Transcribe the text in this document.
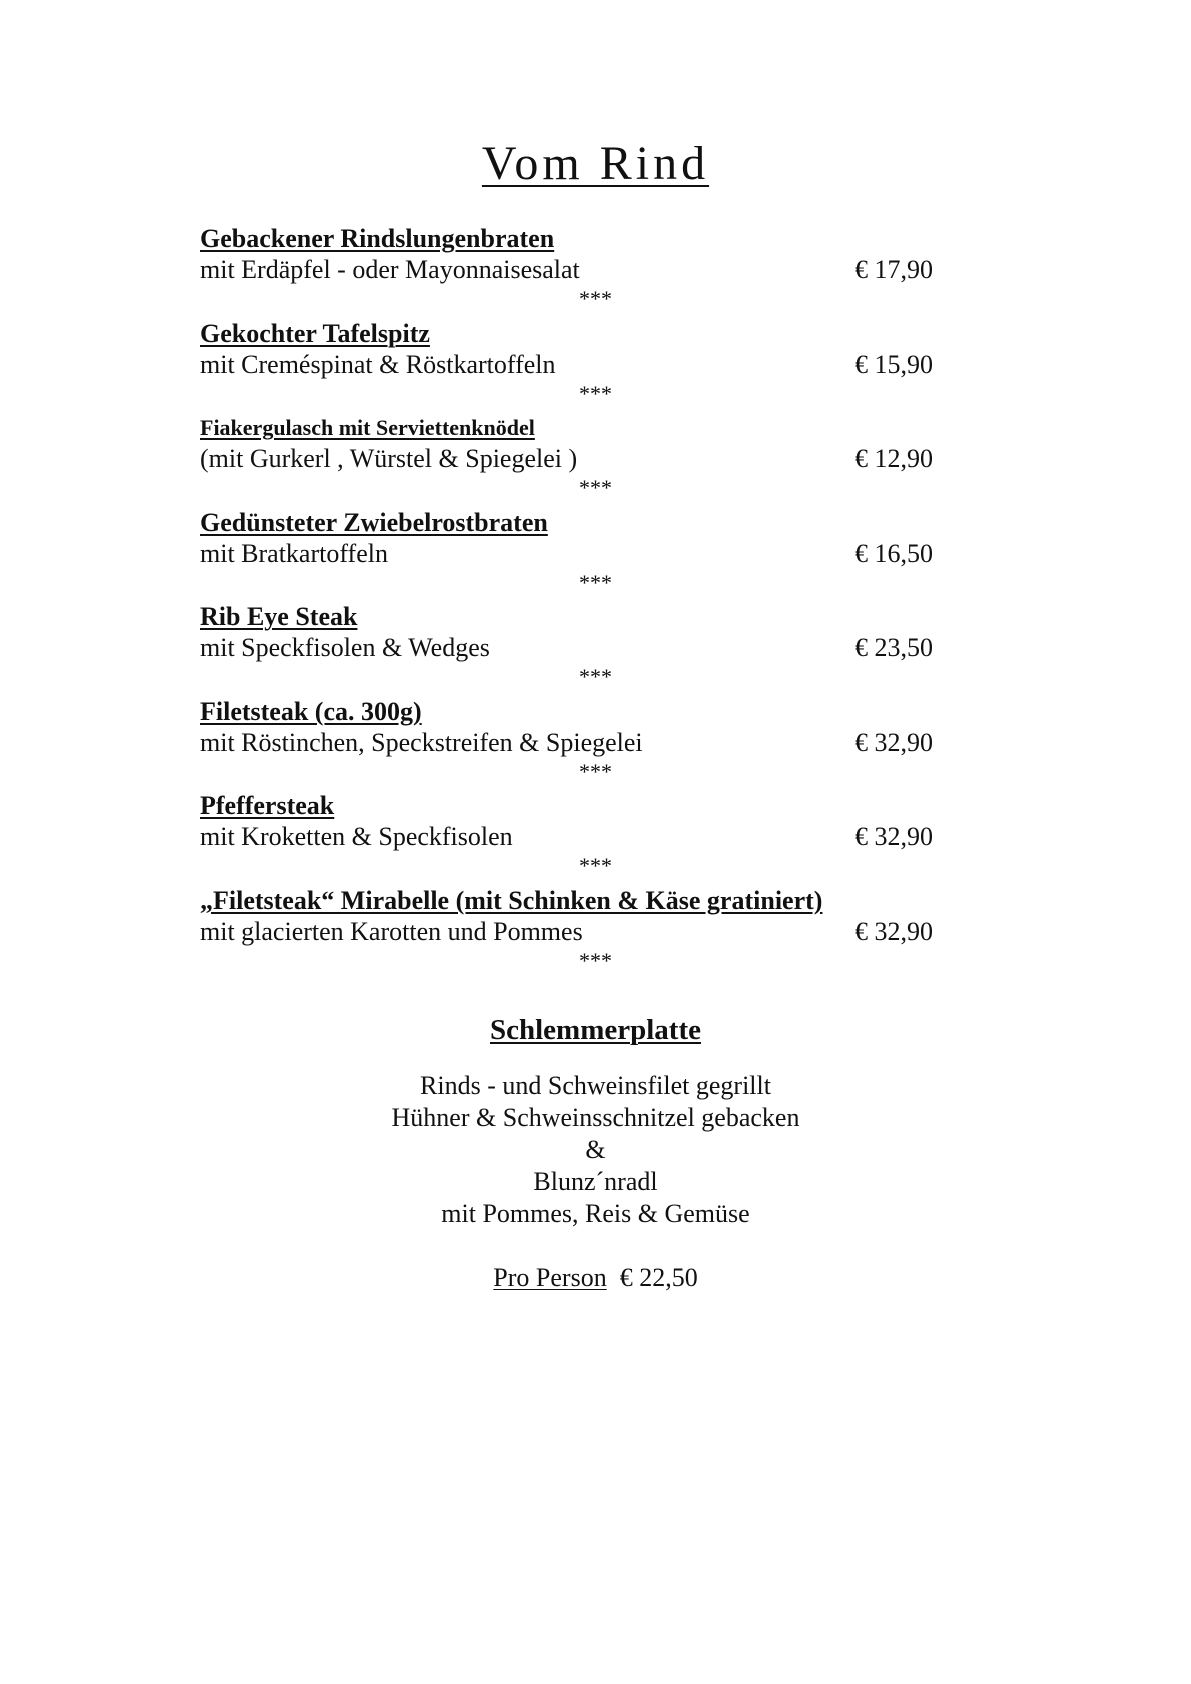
Vom Rind
Gebackener Rindslungenbraten
mit Erdäpfel - oder Mayonnaisesalat	€ 17,90
***
Gekochter Tafelspitz
mit Creméspinat & Röstkartoffeln	€ 15,90
***
Fiakergulasch mit Serviettenknödel
(mit Gurkerl , Würstel & Spiegelei )	€ 12,90
***
Gedünsteter Zwiebelrostbraten
mit Bratkartoffeln	€ 16,50
***
Rib Eye Steak
mit Speckfisolen & Wedges	€ 23,50
***
Filetsteak (ca. 300g)
mit Röstinchen, Speckstreifen & Spiegelei	€ 32,90
***
Pfeffersteak
mit Kroketten & Speckfisolen	€ 32,90
***
„Filetsteak“ Mirabelle (mit Schinken & Käse gratiniert)
mit glacierten Karotten und Pommes	€ 32,90
***
Schlemmerplatte
Rinds - und Schweinsfilet gegrillt
Hühner & Schweinsschnitzel gebacken
&
Blunz´nradl
mit Pommes, Reis & Gemüse
Pro Person € 22,50
